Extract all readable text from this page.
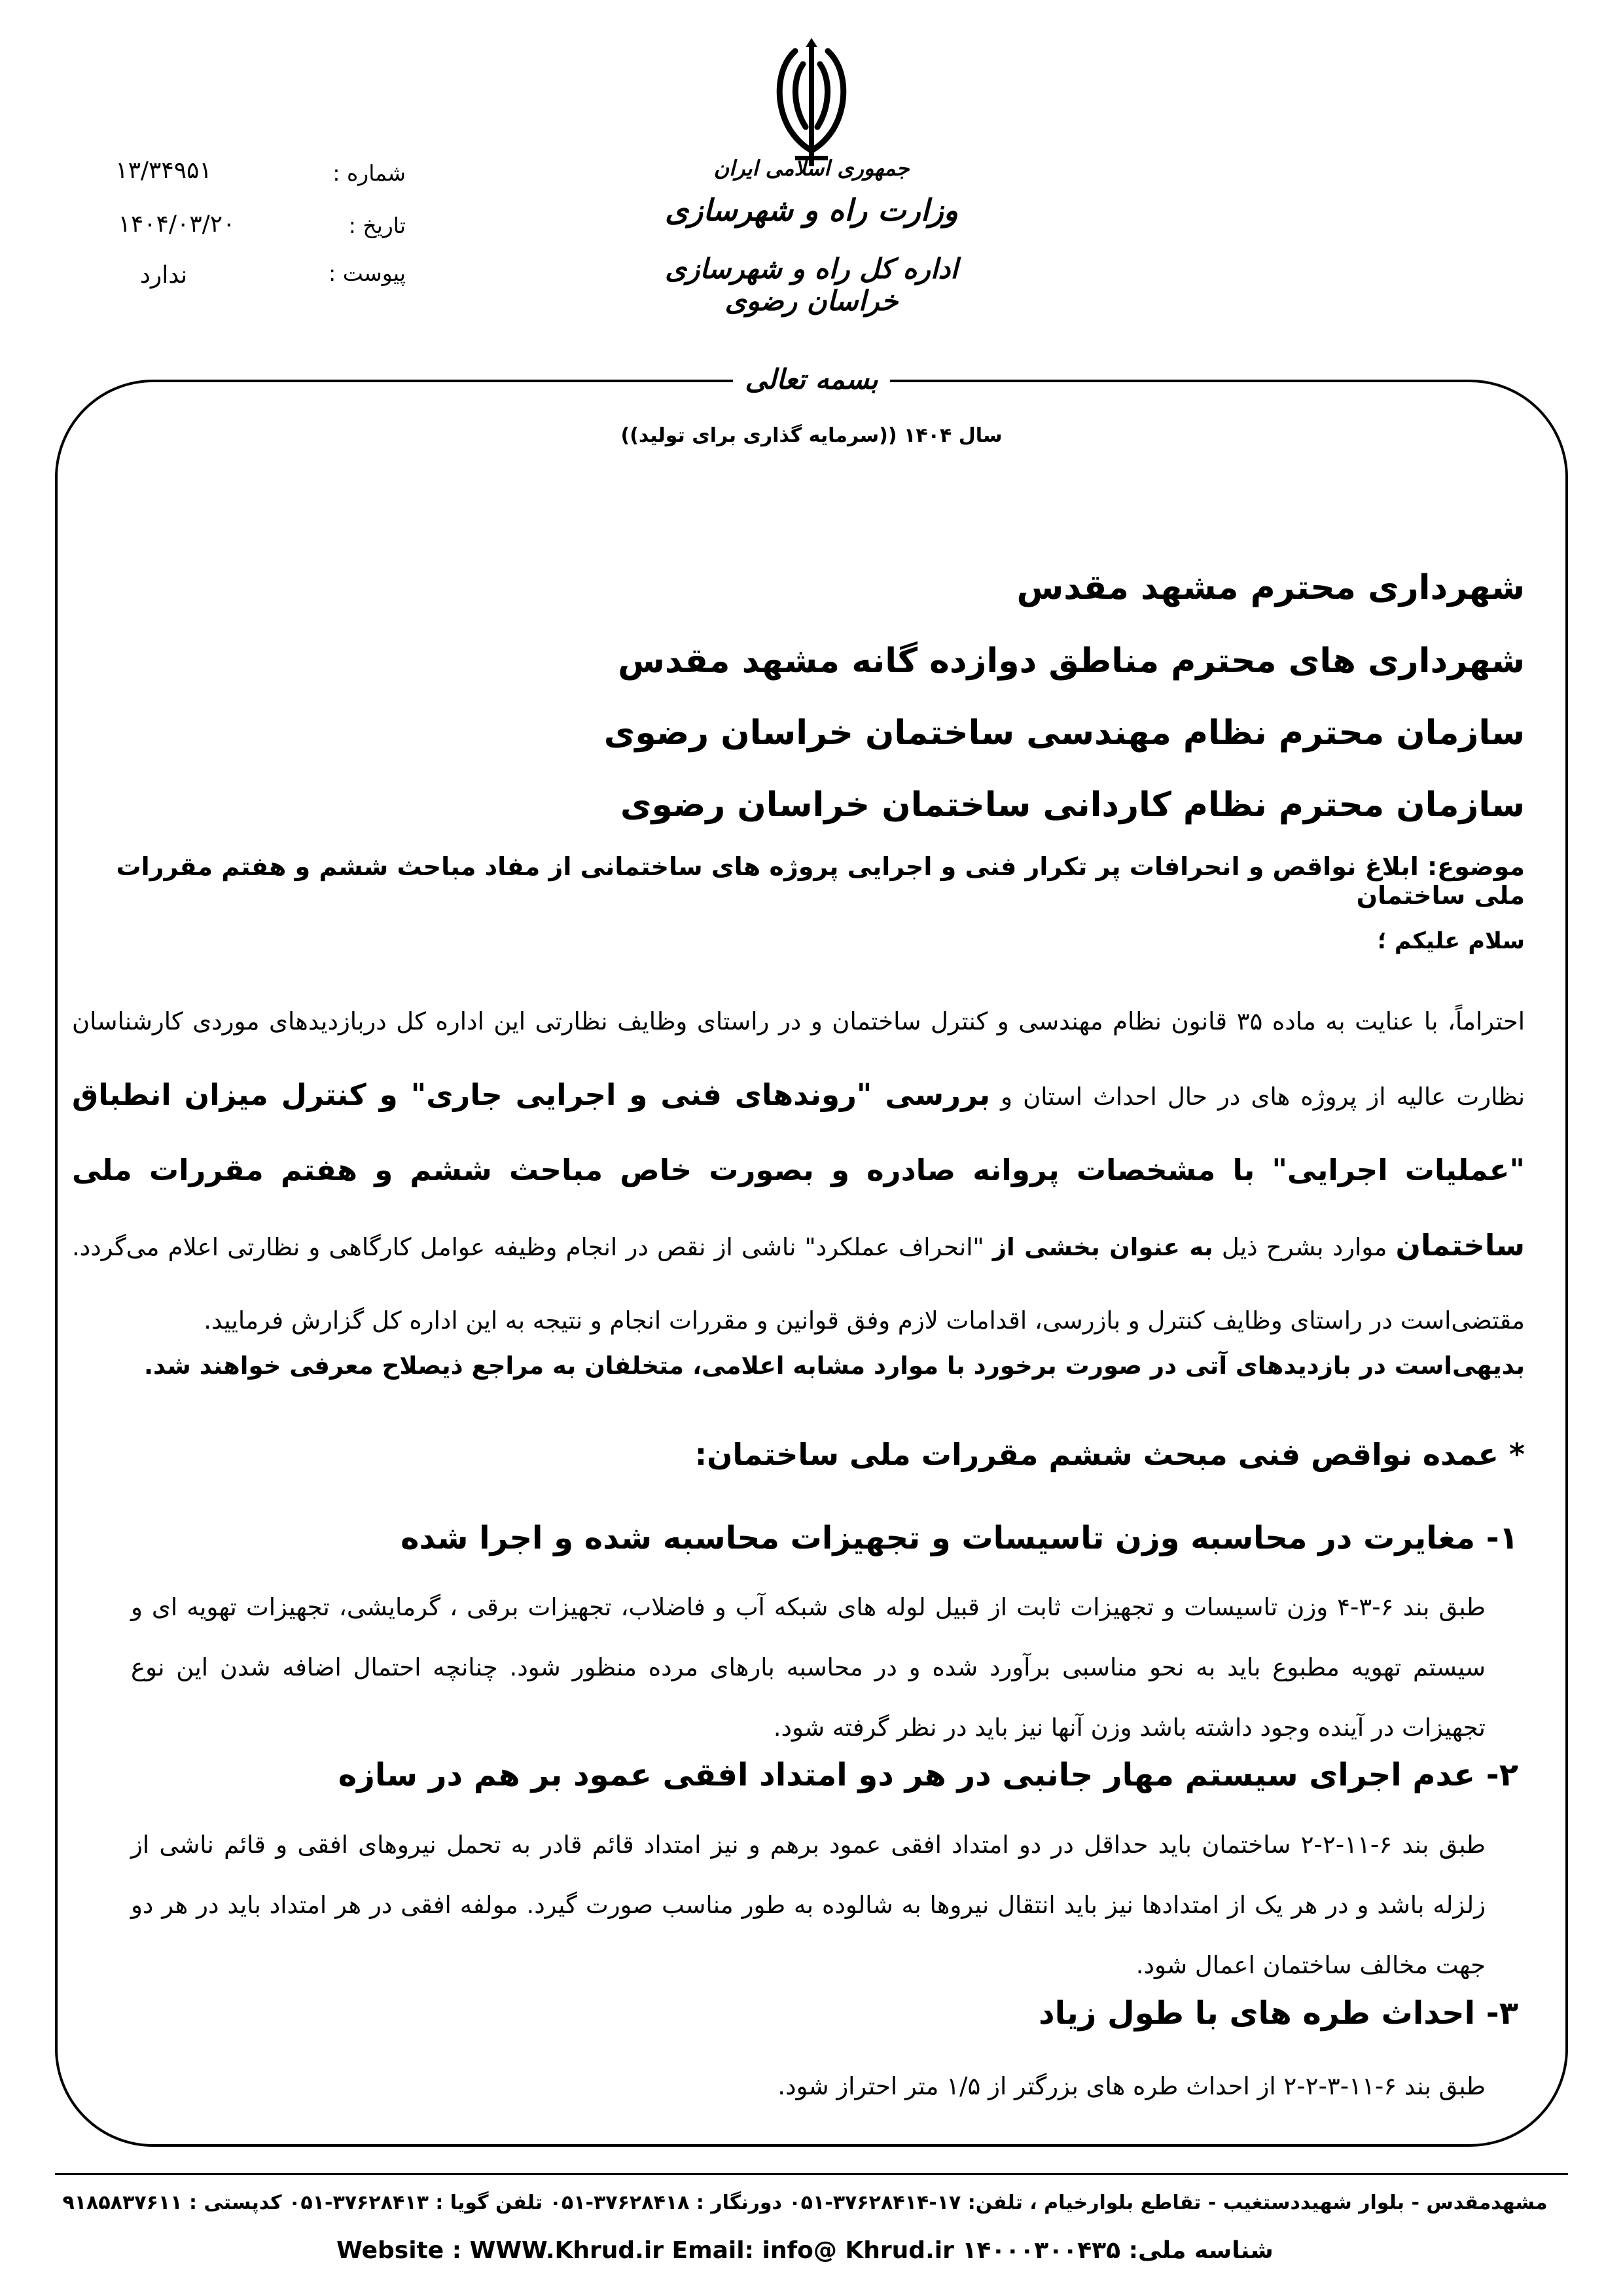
جمهوری اسلامی ایران
وزارت راه و شهرسازی
اداره کل راه و شهرسازی خراسان رضوی
شماره :
۱۳/۳۴۹۵۱
تاریخ :
۱۴۰۴/۰۳/۲۰
پیوست :
ندارد
بسمه تعالی
سال ۱۴۰۴ ((سرمایه گذاری برای تولید))
شهرداری محترم مشهد مقدس
شهرداری های محترم مناطق دوازده گانه مشهد مقدس
سازمان محترم نظام مهندسی ساختمان خراسان رضوی
سازمان محترم نظام کاردانی ساختمان خراسان رضوی
موضوع: ابلاغ نواقص و انحرافات پر تکرار فنی و اجرایی پروژه های ساختمانی از مفاد مباحث ششم و هفتم مقررات ملی ساختمان
سلام علیکم ؛
احتراماً، با عنایت به ماده ۳۵ قانون نظام مهندسی و کنترل ساختمان و در راستای وظایف نظارتی این اداره کل دربازدیدهای موردی کارشناسان نظارت عالیه از پروژه های در حال احداث استان و بررسی "روندهای فنی و اجرایی جاری" و کنترل میزان انطباق "عملیات اجرایی" با مشخصات پروانه صادره و بصورت خاص مباحث ششم و هفتم مقررات ملی ساختمان موارد بشرح ذیل به عنوان بخشی از "انحراف عملکرد" ناشی از نقص در انجام وظیفه عوامل کارگاهی و نظارتی اعلام می‌گردد. مقتضی‌است در راستای وظایف کنترل و بازرسی، اقدامات لازم وفق قوانین و مقررات انجام و نتیجه به این اداره کل گزارش فرمایید.
بدیهی‌است در بازدیدهای آتی در صورت برخورد با موارد مشابه اعلامی، متخلفان به مراجع ذیصلاح معرفی خواهند شد.
* عمده نواقص فنی مبحث ششم مقررات ملی ساختمان:
۱- مغایرت در محاسبه وزن تاسیسات و تجهیزات محاسبه شده و اجرا شده
طبق بند ۶-۳-۴ وزن تاسیسات و تجهیزات ثابت از قبیل لوله های شبکه آب و فاضلاب، تجهیزات برقی ، گرمایشی، تجهیزات تهویه ای و سیستم تهویه مطبوع باید به نحو مناسبی برآورد شده و در محاسبه بارهای مرده منظور شود. چنانچه احتمال اضافه شدن این نوع تجهیزات در آینده وجود داشته باشد وزن آنها نیز باید در نظر گرفته شود.
۲- عدم اجرای سیستم مهار جانبی در هر دو امتداد افقی عمود بر هم در سازه
طبق بند ۶-۱۱-۲-۲ ساختمان باید حداقل در دو امتداد افقی عمود برهم و نیز امتداد قائم قادر به تحمل نیروهای افقی و قائم ناشی از زلزله باشد و در هر یک از امتدادها نیز باید انتقال نیروها به شالوده به طور مناسب صورت گیرد. مولفه افقی در هر امتداد باید در هر دو جهت مخالف ساختمان اعمال شود.
۳- احداث طره های با طول زیاد
طبق بند ۶-۱۱-۳-۲-۲ از احداث طره های بزرگتر از ۱/۵ متر احتراز شود.
مشهدمقدس - بلوار شهیددستغیب - تقاطع بلوارخیام ، تلفن: ۱۷-۳۷۶۲۸۴۱۴-۰۵۱ دورنگار : ۳۷۶۲۸۴۱۸-۰۵۱ تلفن گویا : ۳۷۶۲۸۴۱۳-۰۵۱ کدپستی : ۹۱۸۵۸۳۷۶۱۱
شناسه ملی: ۱۴۰۰۰۳۰۰۴۳۵ Website : WWW.Khrud.ir Email: info@ Khrud.ir
